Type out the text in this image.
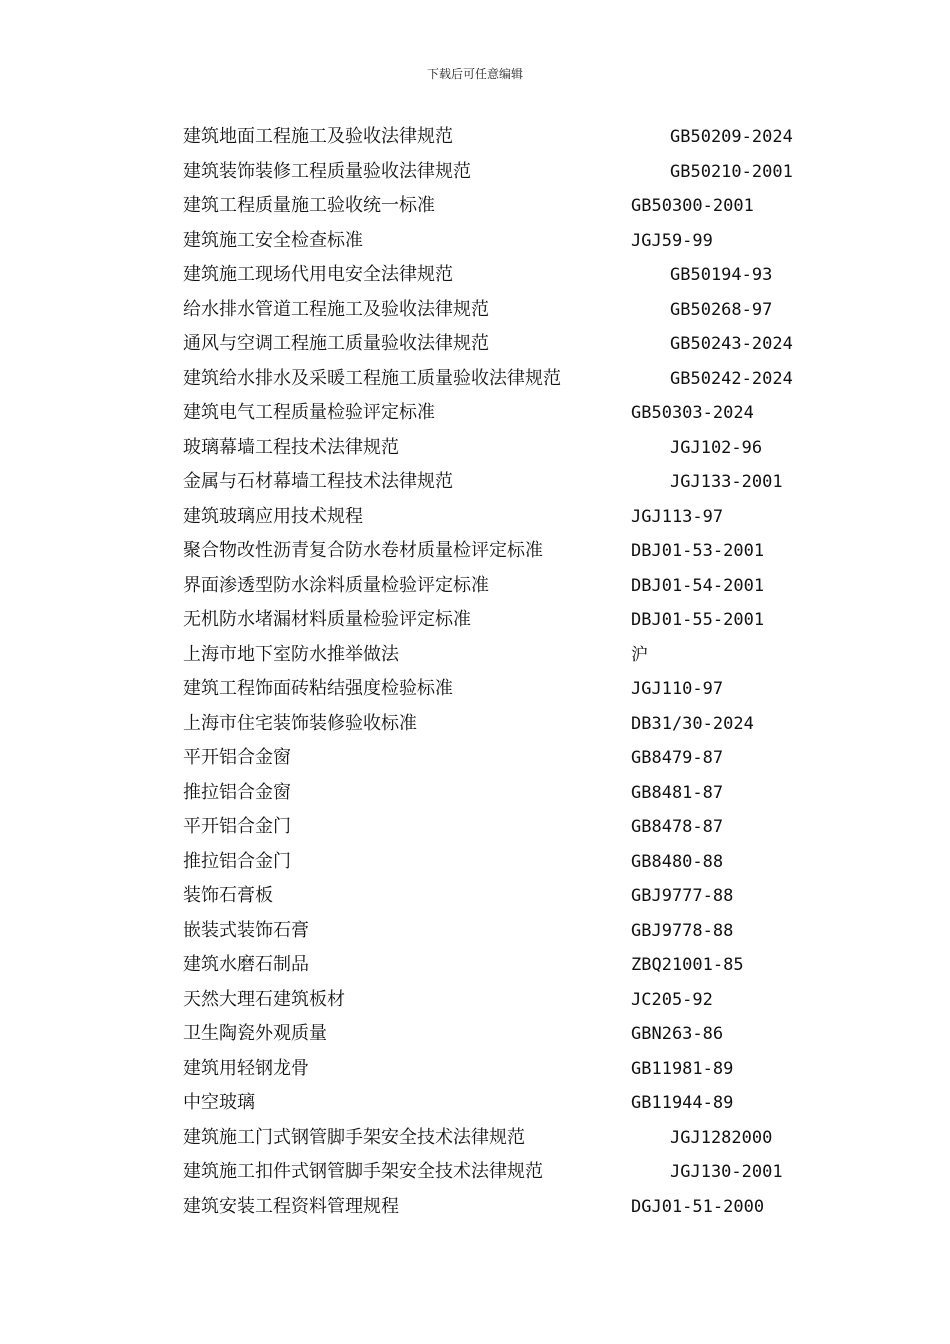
下载后可任意编辑
建筑地面工程施工及验收法律规范	GB50209-2024
建筑装饰装修工程质量验收法律规范	GB50210-2001
建筑工程质量施工验收统一标准	GB50300-2001
建筑施工安全检查标准	JGJ59-99
建筑施工现场代用电安全法律规范	GB50194-93
给水排水管道工程施工及验收法律规范	GB50268-97
通风与空调工程施工质量验收法律规范	GB50243-2024
建筑给水排水及采暖工程施工质量验收法律规范	GB50242-2024
建筑电气工程质量检验评定标准	GB50303-2024
玻璃幕墙工程技术法律规范	JGJ102-96
金属与石材幕墙工程技术法律规范	JGJ133-2001
建筑玻璃应用技术规程	JGJ113-97
聚合物改性沥青复合防水卷材质量检评定标准	DBJ01-53-2001
界面渗透型防水涂料质量检验评定标准	DBJ01-54-2001
无机防水堵漏材料质量检验评定标准	DBJ01-55-2001
上海市地下室防水推举做法	沪
建筑工程饰面砖粘结强度检验标准	JGJ110-97
上海市住宅装饰装修验收标准	DB31/30-2024
平开铝合金窗	GB8479-87
推拉铝合金窗	GB8481-87
平开铝合金门	GB8478-87
推拉铝合金门	GB8480-88
装饰石膏板	GBJ9777-88
嵌装式装饰石膏	GBJ9778-88
建筑水磨石制品	ZBQ21001-85
天然大理石建筑板材	JC205-92
卫生陶瓷外观质量	GBN263-86
建筑用轻钢龙骨	GB11981-89
中空玻璃	GB11944-89
建筑施工门式钢管脚手架安全技术法律规范	JGJ1282000
建筑施工扣件式钢管脚手架安全技术法律规范	JGJ130-2001
建筑安装工程资料管理规程	DGJ01-51-2000
